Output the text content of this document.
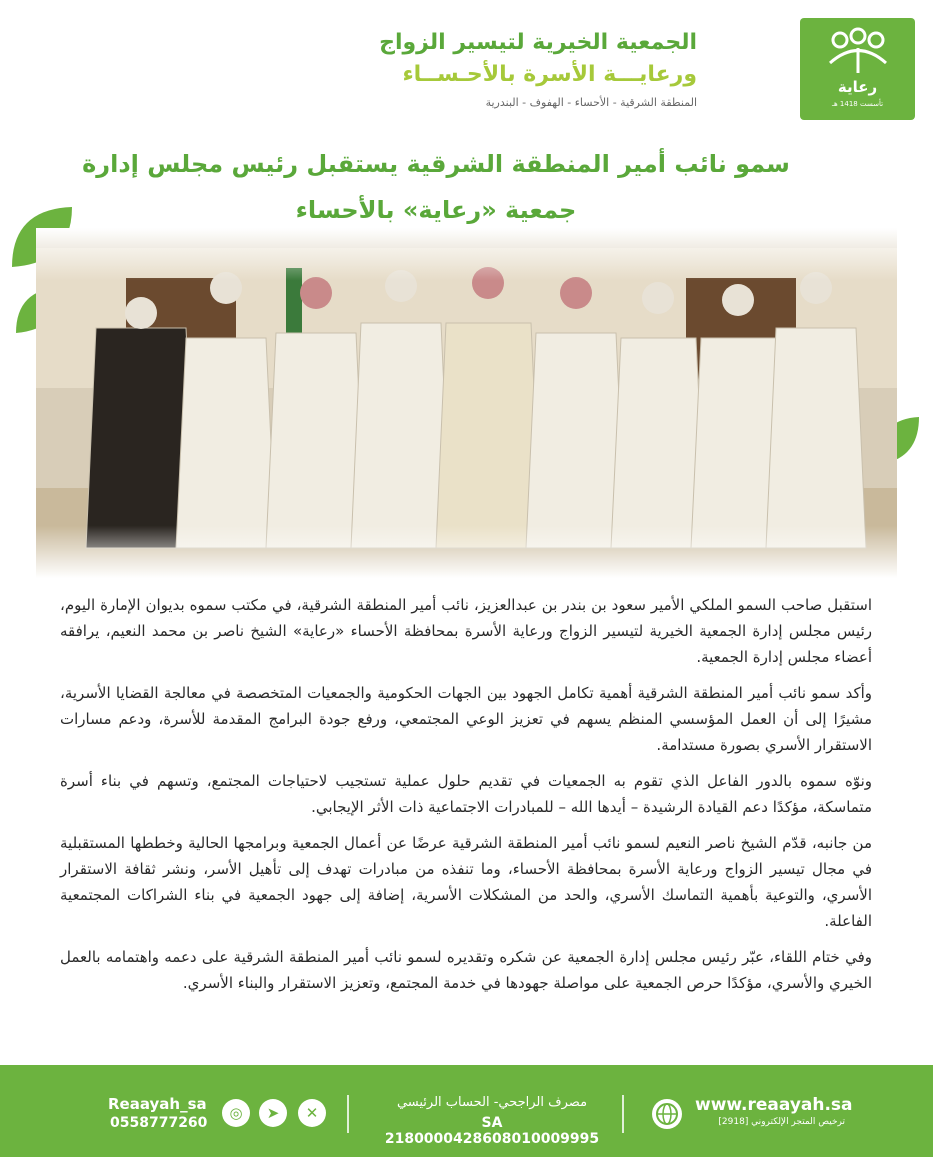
رعاية
تأسست 1418 هـ
الجمعية الخيرية لتيسير الزواج
ورعايـــة الأسرة بالأحـســاء
المنطقة الشرقية - الأحساء - الهفوف - البندرية
سمو نائب أمير المنطقة الشرقية يستقبل رئيس مجلس إدارة
جمعية «رعاية» بالأحساء

استقبل صاحب السمو الملكي الأمير سعود بن بندر بن عبدالعزيز، نائب أمير المنطقة الشرقية، في مكتب سموه بديوان الإمارة اليوم، رئيس مجلس إدارة الجمعية الخيرية لتيسير الزواج ورعاية الأسرة بمحافظة الأحساء «رعاية» الشيخ ناصر بن محمد النعيم، يرافقه أعضاء مجلس إدارة الجمعية.

وأكد سمو نائب أمير المنطقة الشرقية أهمية تكامل الجهود بين الجهات الحكومية والجمعيات المتخصصة في معالجة القضايا الأسرية، مشيرًا إلى أن العمل المؤسسي المنظم يسهم في تعزيز الوعي المجتمعي، ورفع جودة البرامج المقدمة للأسرة، ودعم مسارات الاستقرار الأسري بصورة مستدامة.

ونوّه سموه بالدور الفاعل الذي تقوم به الجمعيات في تقديم حلول عملية تستجيب لاحتياجات المجتمع، وتسهم في بناء أسرة متماسكة، مؤكدًا دعم القيادة الرشيدة – أيدها الله – للمبادرات الاجتماعية ذات الأثر الإيجابي.

من جانبه، قدّم الشيخ ناصر النعيم لسمو نائب أمير المنطقة الشرقية عرضًا عن أعمال الجمعية وبرامجها الحالية وخططها المستقبلية في مجال تيسير الزواج ورعاية الأسرة بمحافظة الأحساء، وما تنفذه من مبادرات تهدف إلى تأهيل الأسر، ونشر ثقافة الاستقرار الأسري، والتوعية بأهمية التماسك الأسري، والحد من المشكلات الأسرية، إضافة إلى جهود الجمعية في بناء الشراكات المجتمعية الفاعلة.

وفي ختام اللقاء، عبّر رئيس مجلس إدارة الجمعية عن شكره وتقديره لسمو نائب أمير المنطقة الشرقية على دعمه واهتمامه بالعمل الخيري والأسري، مؤكدًا حرص الجمعية على مواصلة جهودها في خدمة المجتمع، وتعزيز الاستقرار والبناء الأسري.

Reaayah_sa
0558777260
◎	➤	✕
مصرف الراجحي- الحساب الرئيسي
SA 2180000428608010009995
www.reaayah.sa
ترخيص المتجر الإلكتروني [2918]
